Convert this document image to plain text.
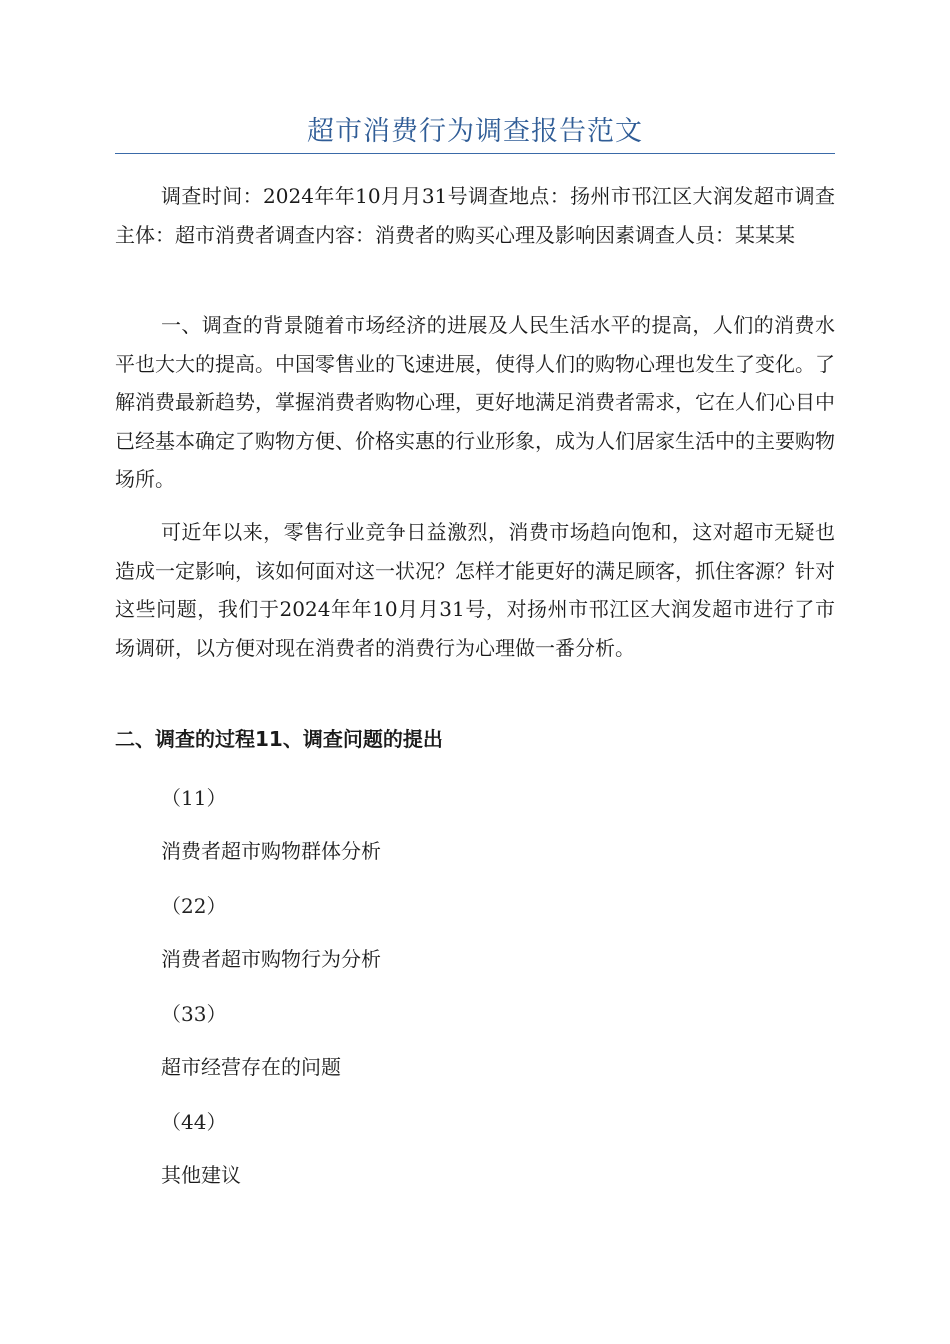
超市消费行为调查报告范文

调查时间：2024年年10月月31号调查地点：扬州市邗江区大润发超市调查主体：超市消费者调查内容：消费者的购买心理及影响因素调查人员：某某某

一、调查的背景随着市场经济的进展及人民生活水平的提高，人们的消费水平也大大的提高。中国零售业的飞速进展，使得人们的购物心理也发生了变化。了解消费最新趋势，掌握消费者购物心理，更好地满足消费者需求，它在人们心目中已经基本确定了购物方便、价格实惠的行业形象，成为人们居家生活中的主要购物场所。

可近年以来，零售行业竞争日益激烈，消费市场趋向饱和，这对超市无疑也造成一定影响，该如何面对这一状况？怎样才能更好的满足顾客，抓住客源？针对这些问题，我们于2024年年10月月31号，对扬州市邗江区大润发超市进行了市场调研，以方便对现在消费者的消费行为心理做一番分析。

二、调查的过程11、调查问题的提出

（11）

消费者超市购物群体分析

（22）

消费者超市购物行为分析

（33）

超市经营存在的问题

（44）

其他建议
